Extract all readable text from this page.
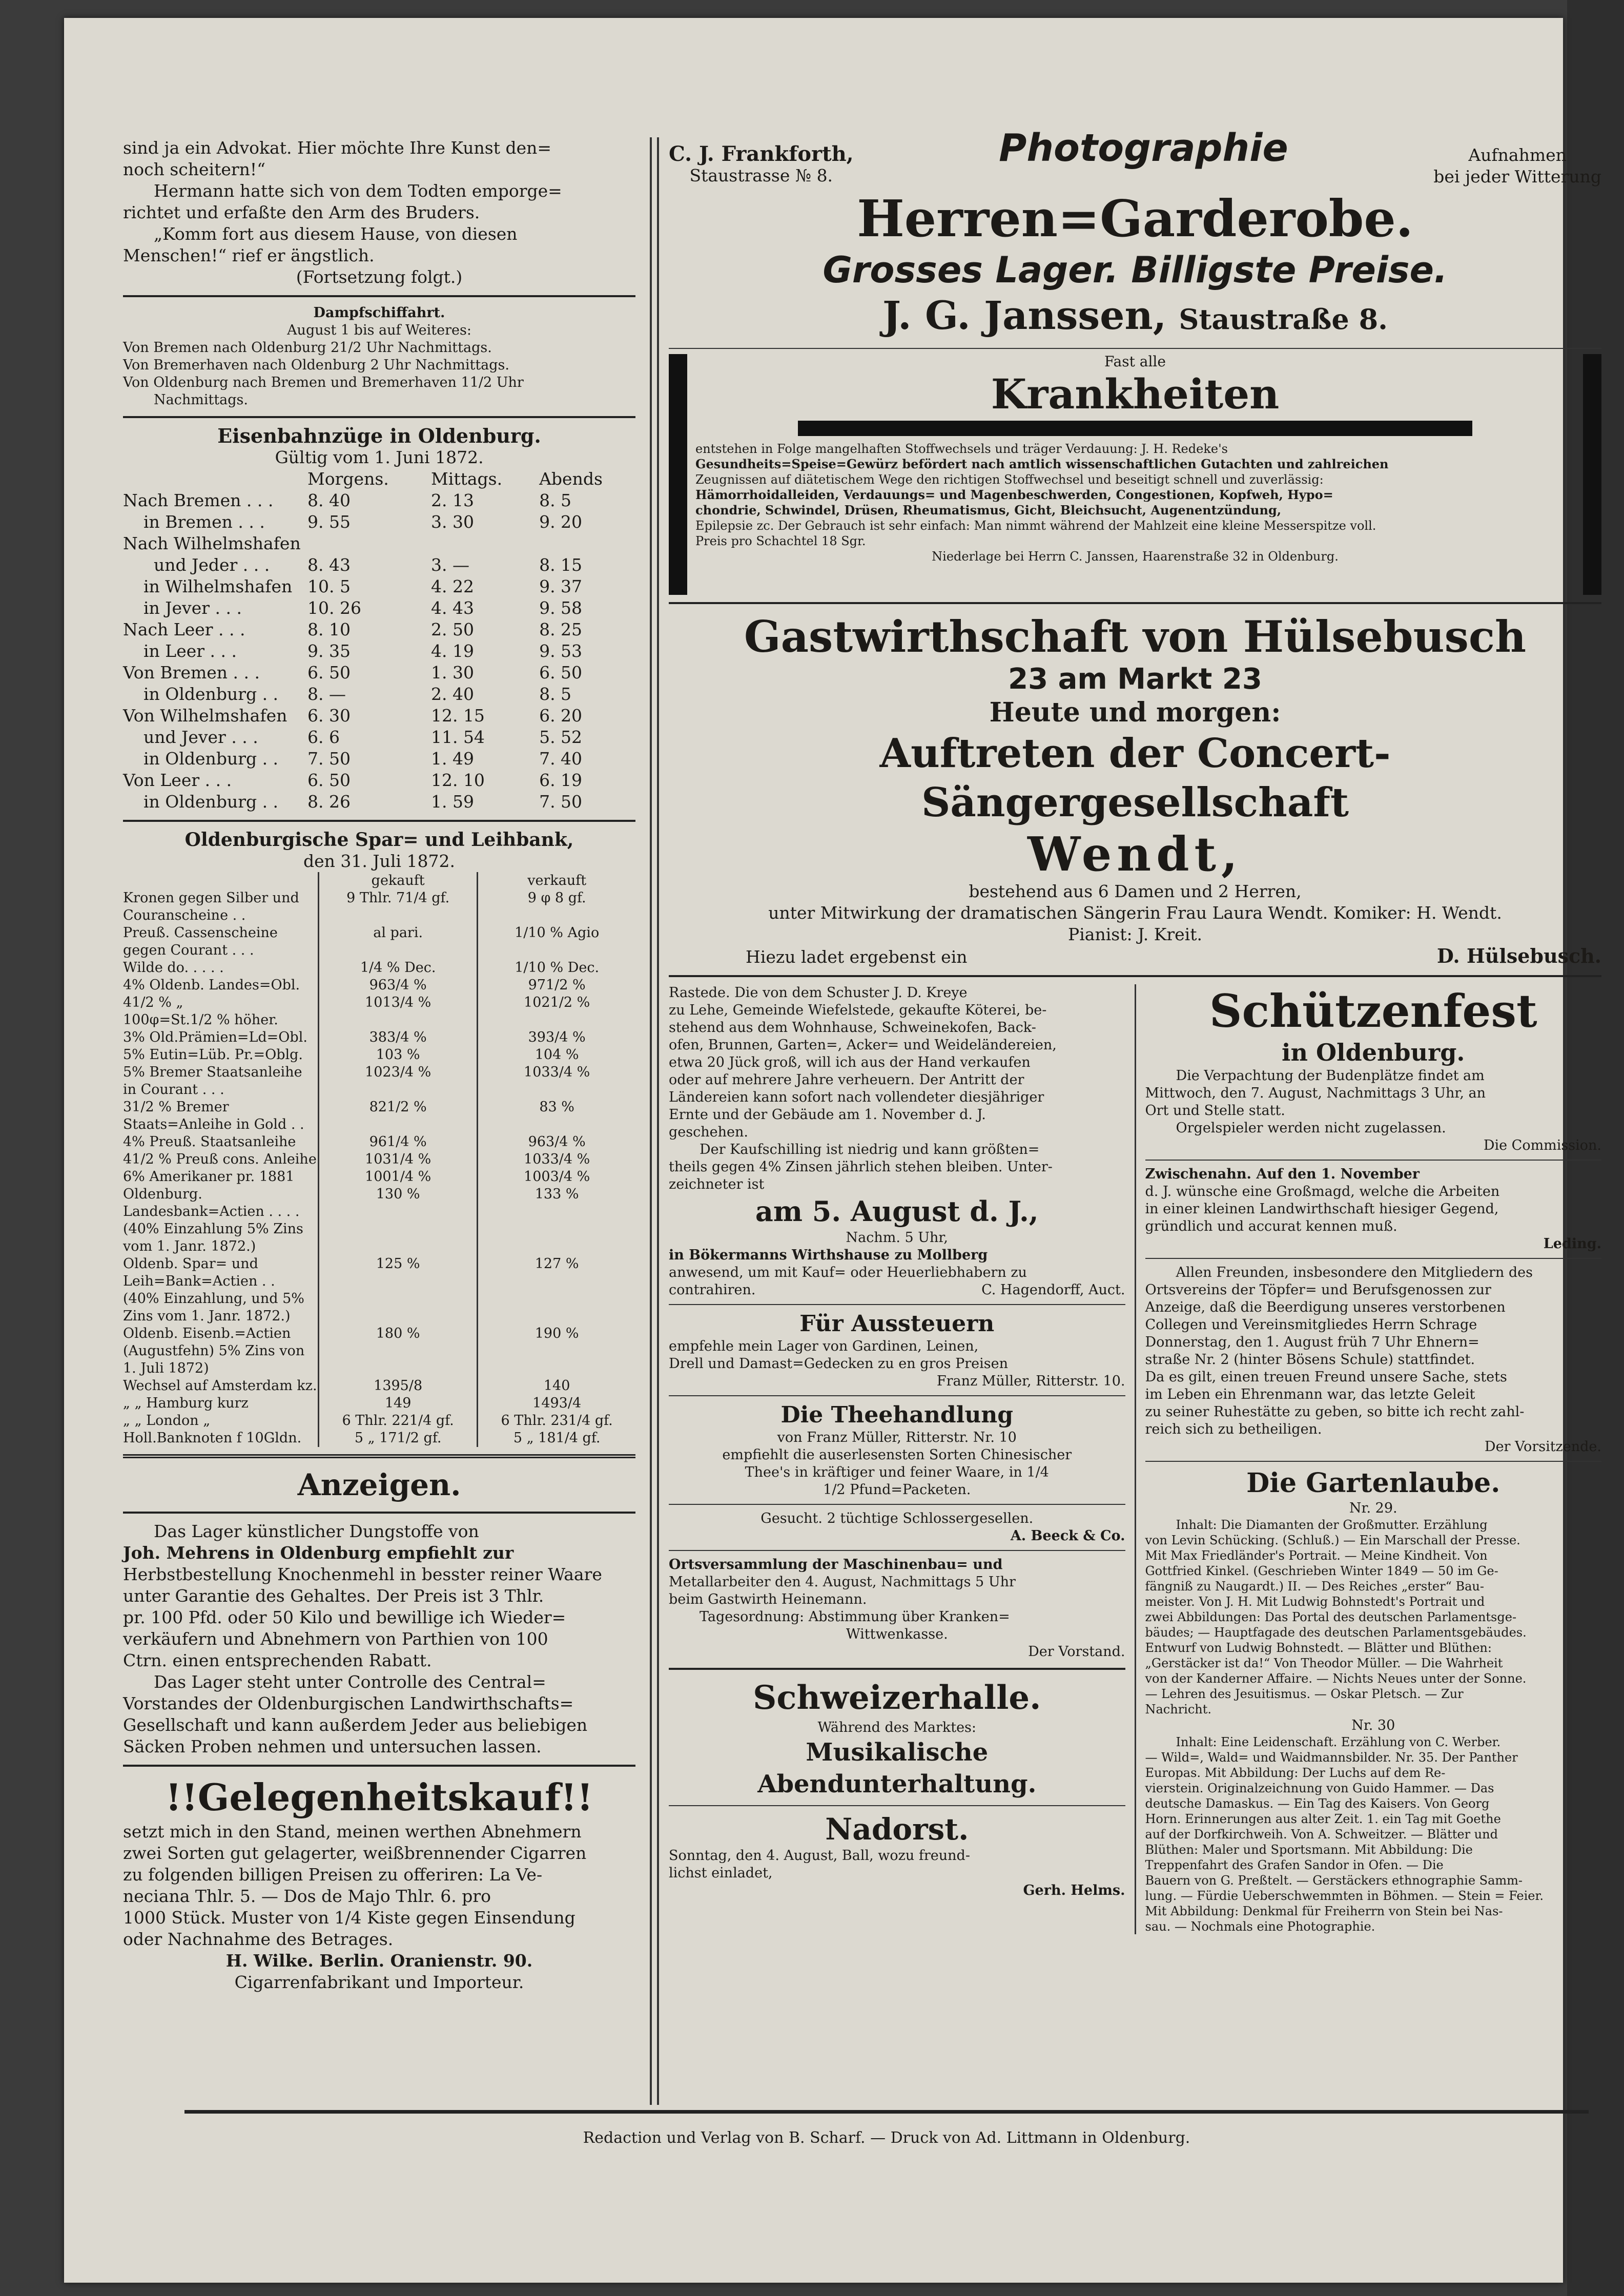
sind ja ein Advokat. Hier möchte Ihre Kunst den=

noch scheitern!“

Hermann hatte sich von dem Todten emporge=

richtet und erfaßte den Arm des Bruders.

„Komm fort aus diesem Hause, von diesen

Menschen!“ rief er ängstlich.

(Fortsetzung folgt.)

Dampfschiffahrt.

August 1 bis auf Weiteres:

Von Bremen nach Oldenburg 21/2 Uhr Nachmittags.

Von Bremerhaven nach Oldenburg 2 Uhr Nachmittags.

Von Oldenburg nach Bremen und Bremerhaven 11/2 Uhr

Nachmittags.

Eisenbahnzüge in Oldenburg.

Gültig vom 1. Juni 1872.

	Morgens.	Mittags.	Abends
Nach Bremen . . .	8. 40	2. 13	8. 5
in Bremen . . .	9. 55	3. 30	9. 20
Nach Wilhelmshafen			
und Jeder . . .	8. 43	3. —	8. 15
in Wilhelmshafen	10. 5	4. 22	9. 37
in Jever . . .	10. 26	4. 43	9. 58
Nach Leer . . .	8. 10	2. 50	8. 25
in Leer . . .	9. 35	4. 19	9. 53
Von Bremen . . .	6. 50	1. 30	6. 50
in Oldenburg . .	8. —	2. 40	8. 5
Von Wilhelmshafen	6. 30	12. 15	6. 20
und Jever . . .	6. 6	11. 54	5. 52
in Oldenburg . .	7. 50	1. 49	7. 40
Von Leer . . .	6. 50	12. 10	6. 19
in Oldenburg . .	8. 26	1. 59	7. 50

Oldenburgische Spar= und Leihbank,

den 31. Juli 1872.

	gekauft	verkauft
Kronen gegen Silber und Couranscheine . .	9 Thlr. 71/4 gf.	9 φ 8 gf.
Preuß. Cassenscheine gegen Courant . . .	al pari.	1/10 % Agio
Wilde do. . . . .	1/4 % Dec.	1/10 % Dec.
4% Oldenb. Landes=Obl.	963/4 %	971/2 %
41/2 % „	1013/4 %	1021/2 %
100φ=St.1/2 % höher.		
3% Old.Prämien=Ld=Obl.	383/4 %	393/4 %
5% Eutin=Lüb. Pr.=Oblg.	103 %	104 %
5% Bremer Staatsanleihe in Courant . . .	1023/4 %	1033/4 %
31/2 % Bremer Staats=Anleihe in Gold . .	821/2 %	83 %
4% Preuß. Staatsanleihe	961/4 %	963/4 %
41/2 % Preuß cons. Anleihe	1031/4 %	1033/4 %
6% Amerikaner pr. 1881	1001/4 %	1003/4 %
Oldenburg. Landesbank=Actien . . . .	130 %	133 %
(40% Einzahlung 5% Zins vom 1. Janr. 1872.)		
Oldenb. Spar= und Leih=Bank=Actien . .	125 %	127 %
(40% Einzahlung, und 5% Zins vom 1. Janr. 1872.)		
Oldenb. Eisenb.=Actien (Augustfehn) 5% Zins von 1. Juli 1872)	180 %	190 %
Wechsel auf Amsterdam kz.	1395/8	140
„ „ Hamburg kurz	149	1493/4
„ „ London „	6 Thlr. 221/4 gf.	6 Thlr. 231/4 gf.
Holl.Banknoten f 10Gldn.	5 „ 171/2 gf.	5 „ 181/4 gf.

Anzeigen.

Das Lager künstlicher Dungstoffe von

Joh. Mehrens in Oldenburg empfiehlt zur

Herbstbestellung Knochenmehl in besster reiner Waare

unter Garantie des Gehaltes. Der Preis ist 3 Thlr.

pr. 100 Pfd. oder 50 Kilo und bewillige ich Wieder=

verkäufern und Abnehmern von Parthien von 100

Ctrn. einen entsprechenden Rabatt.

Das Lager steht unter Controlle des Central=

Vorstandes der Oldenburgischen Landwirthschafts=

Gesellschaft und kann außerdem Jeder aus beliebigen

Säcken Proben nehmen und untersuchen lassen.

!!Gelegenheitskauf!!

setzt mich in den Stand, meinen werthen Abnehmern

zwei Sorten gut gelagerter, weißbrennender Cigarren

zu folgenden billigen Preisen zu offeriren: La Ve-

neciana Thlr. 5. — Dos de Majo Thlr. 6. pro

1000 Stück. Muster von 1/4 Kiste gegen Einsendung

oder Nachnahme des Betrages.

H. Wilke. Berlin. Oranienstr. 90.

Cigarrenfabrikant und Importeur.

C. J. Frankforth,

Staustrasse № 8.

Photographie	Aufnahmen

bei jeder Witterung

Herren=Garderobe.

Grosses Lager. Billigste Preise.

J. G. Janssen, Staustraße 8.

Fast alle

Krankheiten

entstehen in Folge mangelhaften Stoffwechsels und träger Verdauung: J. H. Redeke's

Gesundheits=Speise=Gewürz befördert nach amtlich wissenschaftlichen Gutachten und zahlreichen

Zeugnissen auf diätetischem Wege den richtigen Stoffwechsel und beseitigt schnell und zuverlässig:

Hämorrhoidalleiden, Verdauungs= und Magenbeschwerden, Congestionen, Kopfweh, Hypo=

chondrie, Schwindel, Drüsen, Rheumatismus, Gicht, Bleichsucht, Augenentzündung,

Epilepsie zc. Der Gebrauch ist sehr einfach: Man nimmt während der Mahlzeit eine kleine Messerspitze voll.

Preis pro Schachtel 18 Sgr.

Niederlage bei Herrn C. Janssen, Haarenstraße 32 in Oldenburg.

Gastwirthschaft von Hülsebusch

23 am Markt 23

Heute und morgen:

Auftreten der Concert-Sängergesellschaft

Wendt,

bestehend aus 6 Damen und 2 Herren,

unter Mitwirkung der dramatischen Sängerin Frau Laura Wendt. Komiker: H. Wendt.

Pianist: J. Kreit.

Hiezu ladet ergebenst ein	D. Hülsebusch.

Rastede. Die von dem Schuster J. D. Kreye

zu Lehe, Gemeinde Wiefelstede, gekaufte Köterei, be-

stehend aus dem Wohnhause, Schweinekofen, Back-

ofen, Brunnen, Garten=, Acker= und Weideländereien,

etwa 20 Jück groß, will ich aus der Hand verkaufen

oder auf mehrere Jahre verheuern. Der Antritt der

Ländereien kann sofort nach vollendeter diesjähriger

Ernte und der Gebäude am 1. November d. J.

geschehen.

Der Kaufschilling ist niedrig und kann größten=

theils gegen 4% Zinsen jährlich stehen bleiben. Unter-

zeichneter ist

am 5. August d. J.,

Nachm. 5 Uhr,

in Bökermanns Wirthshause zu Mollberg

anwesend, um mit Kauf= oder Heuerliebhabern zu

contrahiren.	C. Hagendorff, Auct.

Für Aussteuern

empfehle mein Lager von Gardinen, Leinen,

Drell und Damast=Gedecken zu en gros Preisen

Franz Müller, Ritterstr. 10.

Die Theehandlung

von Franz Müller, Ritterstr. Nr. 10

empfiehlt die auserlesensten Sorten Chinesischer

Thee's in kräftiger und feiner Waare, in 1/4

1/2 Pfund=Packeten.

Gesucht. 2 tüchtige Schlossergesellen.

A. Beeck & Co.

Ortsversammlung der Maschinenbau= und

Metallarbeiter den 4. August, Nachmittags 5 Uhr

beim Gastwirth Heinemann.

Tagesordnung: Abstimmung über Kranken=

Wittwenkasse.

Der Vorstand.

Schweizerhalle.

Während des Marktes:

Musikalische Abendunterhaltung.

Nadorst.

Sonntag, den 4. August, Ball, wozu freund-

lichst einladet,

Gerh. Helms.

Schützenfest

in Oldenburg.

Die Verpachtung der Budenplätze findet am

Mittwoch, den 7. August, Nachmittags 3 Uhr, an

Ort und Stelle statt.

Orgelspieler werden nicht zugelassen.

Die Commission.

Zwischenahn. Auf den 1. November

d. J. wünsche eine Großmagd, welche die Arbeiten

in einer kleinen Landwirthschaft hiesiger Gegend,

gründlich und accurat kennen muß.

Leding.

Allen Freunden, insbesondere den Mitgliedern des

Ortsvereins der Töpfer= und Berufsgenossen zur

Anzeige, daß die Beerdigung unseres verstorbenen

Collegen und Vereinsmitgliedes Herrn Schrage

Donnerstag, den 1. August früh 7 Uhr Ehnern=

straße Nr. 2 (hinter Bösens Schule) stattfindet.

Da es gilt, einen treuen Freund unsere Sache, stets

im Leben ein Ehrenmann war, das letzte Geleit

zu seiner Ruhestätte zu geben, so bitte ich recht zahl-

reich sich zu betheiligen.

Der Vorsitzende.

Die Gartenlaube.

Nr. 29.

Inhalt: Die Diamanten der Großmutter. Erzählung

von Levin Schücking. (Schluß.) — Ein Marschall der Presse.

Mit Max Friedländer's Portrait. — Meine Kindheit. Von

Gottfried Kinkel. (Geschrieben Winter 1849 — 50 im Ge-

fängniß zu Naugardt.) II. — Des Reiches „erster“ Bau-

meister. Von J. H. Mit Ludwig Bohnstedt's Portrait und

zwei Abbildungen: Das Portal des deutschen Parlamentsge-

bäudes; — Hauptfagade des deutschen Parlamentsgebäudes.

Entwurf von Ludwig Bohnstedt. — Blätter und Blüthen:

„Gerstäcker ist da!“ Von Theodor Müller. — Die Wahrheit

von der Kanderner Affaire. — Nichts Neues unter der Sonne.

— Lehren des Jesuitismus. — Oskar Pletsch. — Zur

Nachricht.

Nr. 30

Inhalt: Eine Leidenschaft. Erzählung von C. Werber.

— Wild=, Wald= und Waidmannsbilder. Nr. 35. Der Panther

Europas. Mit Abbildung: Der Luchs auf dem Re-

vierstein. Originalzeichnung von Guido Hammer. — Das

deutsche Damaskus. — Ein Tag des Kaisers. Von Georg

Horn. Erinnerungen aus alter Zeit. 1. ein Tag mit Goethe

auf der Dorfkirchweih. Von A. Schweitzer. — Blätter und

Blüthen: Maler und Sportsmann. Mit Abbildung: Die

Treppenfahrt des Grafen Sandor in Ofen. — Die

Bauern von G. Preßtelt. — Gerstäckers ethnographie Samm-

lung. — Fürdie Ueberschwemmten in Böhmen. — Stein = Feier.

Mit Abbildung: Denkmal für Freiherrn von Stein bei Nas-

sau. — Nochmals eine Photographie.

Redaction und Verlag von B. Scharf. — Druck von Ad. Littmann in Oldenburg.
